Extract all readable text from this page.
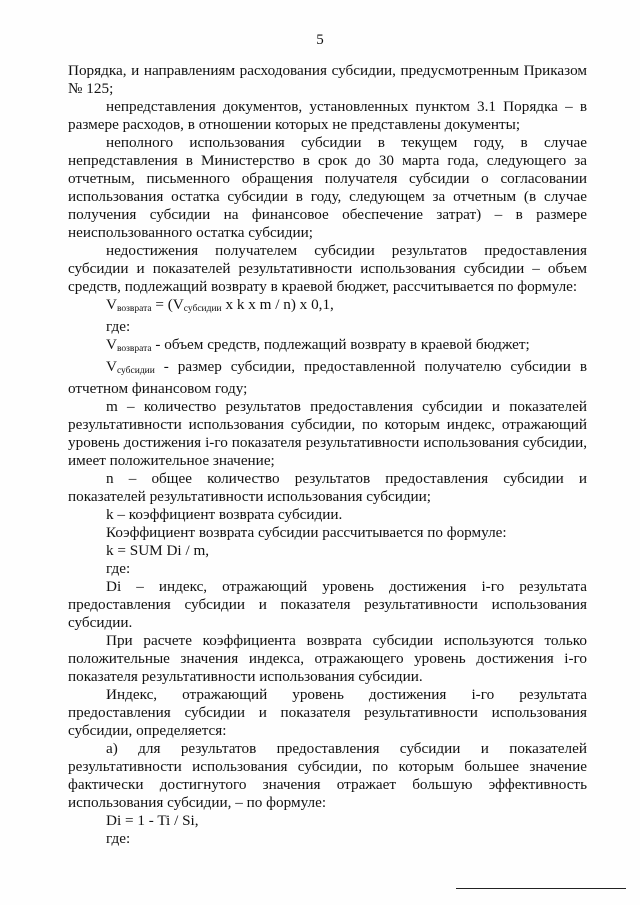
5

Порядка, и направлениям расходования субсидии, предусмотренным Приказом № 125;

непредставления документов, установленных пунктом 3.1 Порядка – в размере расходов, в отношении которых не представлены документы;

неполного использования субсидии в текущем году, в случае непредставления в Министерство в срок до 30 марта года, следующего за отчетным, письменного обращения получателя субсидии о согласовании использования остатка субсидии в году, следующем за отчетным (в случае получения субсидии на финансовое обеспечение затрат) – в размере неиспользованного остатка субсидии;

недостижения получателем субсидии результатов предоставления субсидии и показателей результативности использования субсидии – объем средств, подлежащий возврату в краевой бюджет, рассчитывается по формуле:

$V_{возврата} = (V_{субсидии}$ x k x m / n) x 0,1,

где:

$V_{возврата}$ - объем средств, подлежащий возврату в краевой бюджет;

$V_{субсидии}$ - размер субсидии, предоставленной получателю субсидии в отчетном финансовом году;

m – количество результатов предоставления субсидии и показателей результативности использования субсидии, по которым индекс, отражающий уровень достижения i-го показателя результативности использования субсидии, имеет положительное значение;

n – общее количество результатов предоставления субсидии и показателей результативности использования субсидии;

k – коэффициент возврата субсидии.

Коэффициент возврата субсидии рассчитывается по формуле:

k = SUM Di / m,

где:

Di – индекс, отражающий уровень достижения i-го результата предоставления субсидии и показателя результативности использования субсидии.

При расчете коэффициента возврата субсидии используются только положительные значения индекса, отражающего уровень достижения i-го показателя результативности использования субсидии.

Индекс, отражающий уровень достижения i-го результата предоставления субсидии и показателя результативности использования субсидии, определяется:

а) для результатов предоставления субсидии и показателей результативности использования субсидии, по которым большее значение фактически достигнутого значения отражает большую эффективность использования субсидии, – по формуле:

Di = 1 - Ti / Si,

где:
